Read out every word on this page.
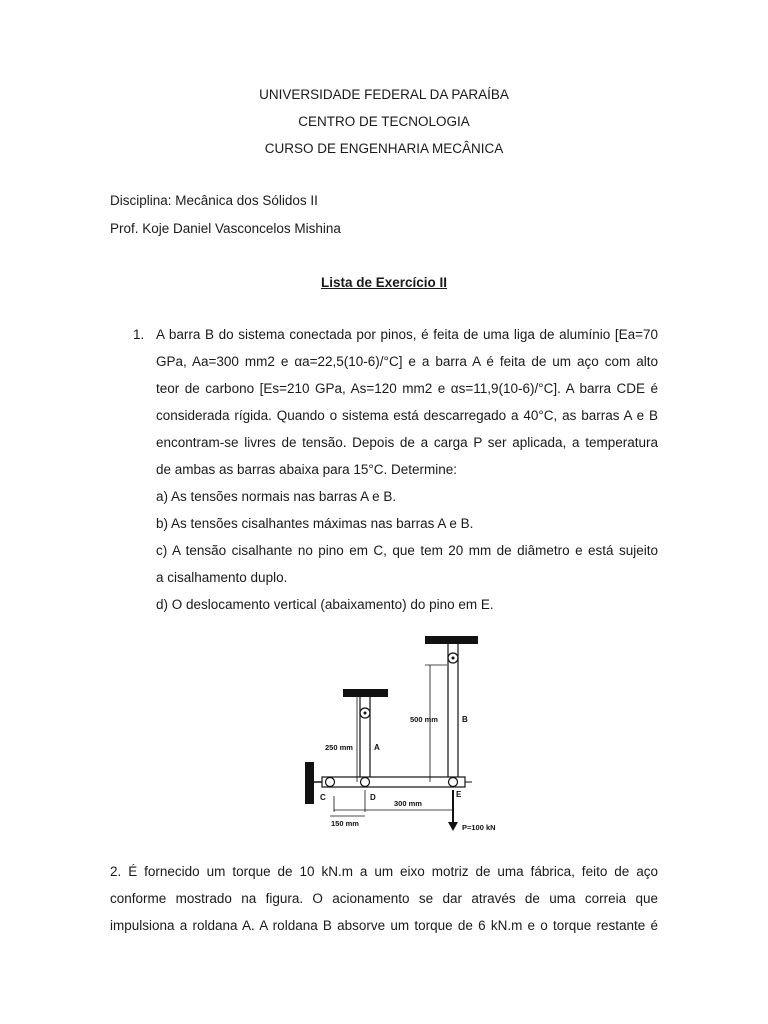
UNIVERSIDADE FEDERAL DA PARAÍBA
CENTRO DE TECNOLOGIA
CURSO DE ENGENHARIA MECÂNICA
Disciplina: Mecânica dos Sólidos II
Prof. Koje Daniel Vasconcelos Mishina
Lista de Exercício II
1. A barra B do sistema conectada por pinos, é feita de uma liga de alumínio [Ea=70
GPa, Aa=300 mm2 e αa=22,5(10-6)/°C] e a barra A é feita de um aço com alto
teor de carbono [Es=210 GPa, As=120 mm2 e αs=11,9(10-6)/°C]. A barra CDE é
considerada rígida. Quando o sistema está descarregado a 40°C, as barras A e B
encontram-se livres de tensão. Depois de a carga P ser aplicada, a temperatura
de ambas as barras abaixa para 15°C. Determine:
a) As tensões normais nas barras A e B.
b) As tensões cisalhantes máximas nas barras A e B.
c) A tensão cisalhante no pino em C, que tem 20 mm de diâmetro e está sujeito
a cisalhamento duplo.
d) O deslocamento vertical (abaixamento) do pino em E.
250 mm	A
500 mm	B
C	D	E
300 mm
150 mm	P=100 kN
2. É fornecido um torque de 10 kN.m a um eixo motriz de uma fábrica, feito de aço
conforme mostrado na figura. O acionamento se dar através de uma correia que
impulsiona a roldana A. A roldana B absorve um torque de 6 kN.m e o torque restante é
